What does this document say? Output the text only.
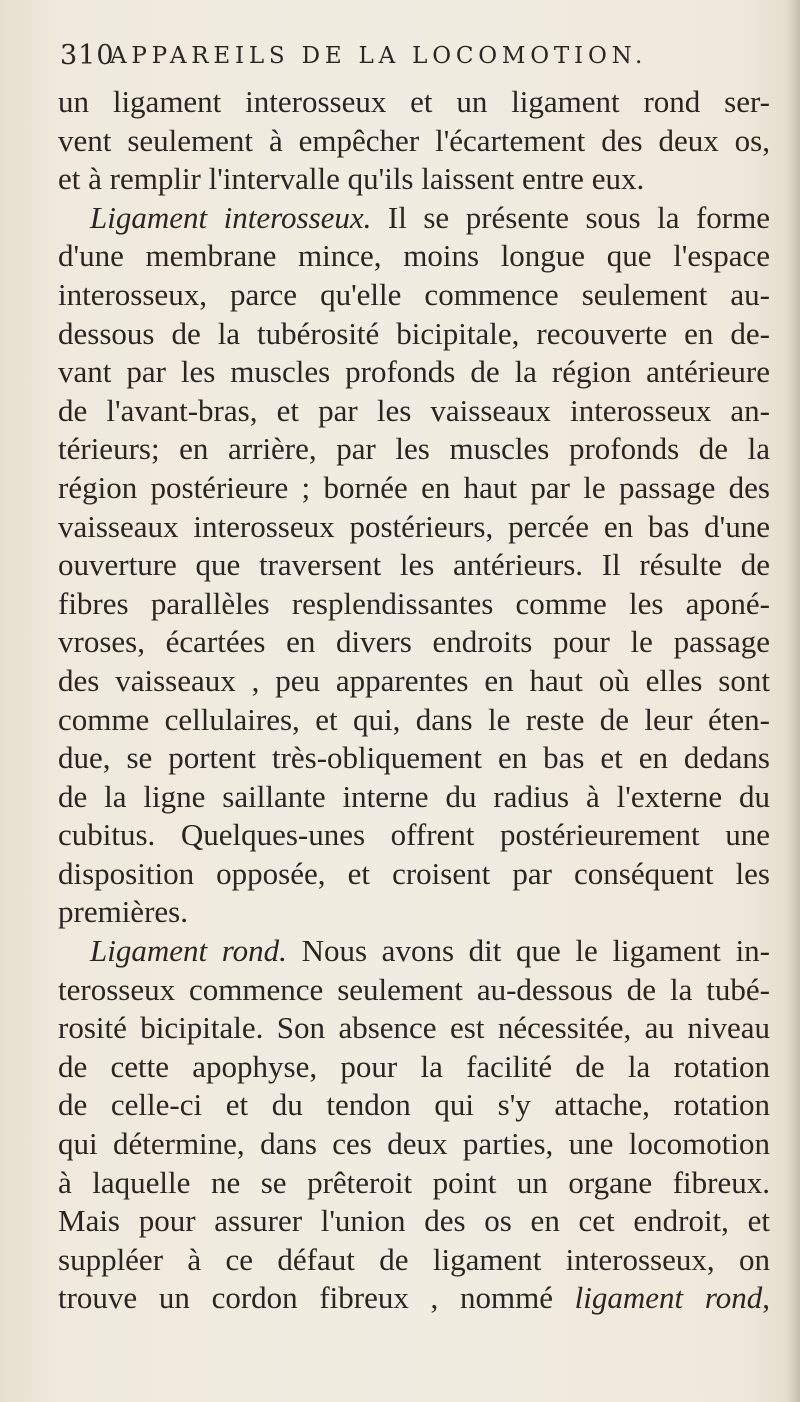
310
APPAREILS DE LA LOCOMOTION.
un ligament interosseux et un ligament rond ser-
vent seulement à empêcher l'écartement des deux os,
et à remplir l'intervalle qu'ils laissent entre eux.
Ligament interosseux. Il se présente sous la forme
d'une membrane mince, moins longue que l'espace
interosseux, parce qu'elle commence seulement au-
dessous de la tubérosité bicipitale, recouverte en de-
vant par les muscles profonds de la région antérieure
de l'avant-bras, et par les vaisseaux interosseux an-
térieurs; en arrière, par les muscles profonds de la
région postérieure ; bornée en haut par le passage des
vaisseaux interosseux postérieurs, percée en bas d'une
ouverture que traversent les antérieurs. Il résulte de
fibres parallèles resplendissantes comme les aponé-
vroses, écartées en divers endroits pour le passage
des vaisseaux , peu apparentes en haut où elles sont
comme cellulaires, et qui, dans le reste de leur éten-
due, se portent très-obliquement en bas et en dedans
de la ligne saillante interne du radius à l'externe du
cubitus. Quelques-unes offrent postérieurement une
disposition opposée, et croisent par conséquent les
premières.
Ligament rond. Nous avons dit que le ligament in-
terosseux commence seulement au-dessous de la tubé-
rosité bicipitale. Son absence est nécessitée, au niveau
de cette apophyse, pour la facilité de la rotation
de celle-ci et du tendon qui s'y attache, rotation
qui détermine, dans ces deux parties, une locomotion
à laquelle ne se prêteroit point un organe fibreux.
Mais pour assurer l'union des os en cet endroit, et
suppléer à ce défaut de ligament interosseux, on
trouve un cordon fibreux , nommé ligament rond,
